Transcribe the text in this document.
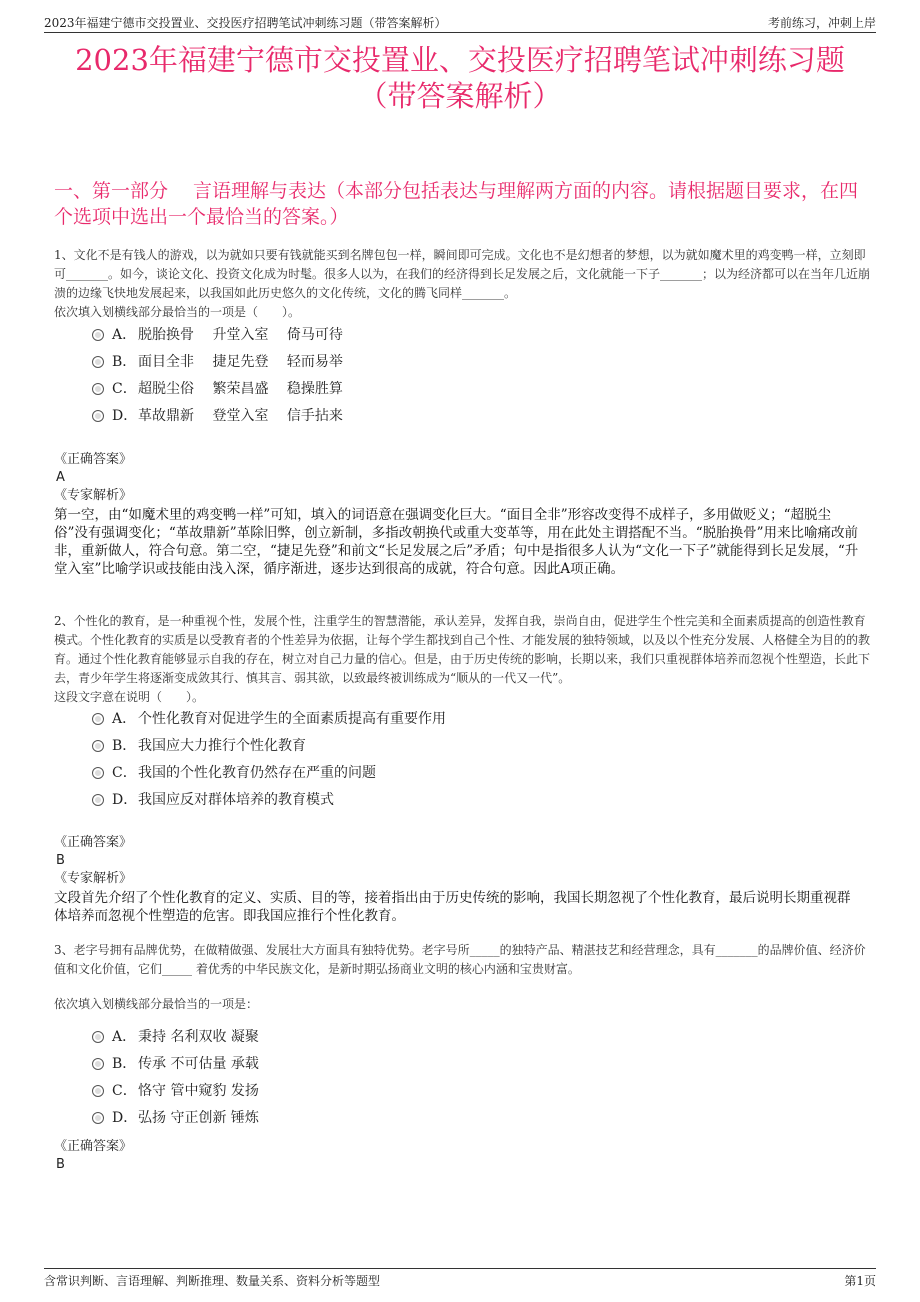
2023年福建宁德市交投置业、交投医疗招聘笔试冲刺练习题（带答案解析）	考前练习，冲刺上岸
2023年福建宁德市交投置业、交投医疗招聘笔试冲刺练习题
（带答案解析）
一、第一部分　 言语理解与表达（本部分包括表达与理解两方面的内容。请根据题目要求，在四个选项中选出一个最恰当的答案。）
1、文化不是有钱人的游戏，以为就如只要有钱就能买到名牌包包一样，瞬间即可完成。文化也不是幻想者的梦想，以为就如魔术里的鸡变鸭一样，立刻即可_______。如今，谈论文化、投资文化成为时髦。很多人以为，在我们的经济得到长足发展之后，文化就能一下子_______；以为经济都可以在当年几近崩溃的边缘飞快地发展起来，以我国如此历史悠久的文化传统，文化的腾飞同样_______。
依次填入划横线部分最恰当的一项是（　　）。
A． 脱胎换骨　 升堂入室　 倚马可待
B． 面目全非　 捷足先登　 轻而易举
C．超脱尘俗　 繁荣昌盛　 稳操胜算
D．革故鼎新　 登堂入室　 信手拈来
《正确答案》
A
《专家解析》
第一空，由“如魔术里的鸡变鸭一样”可知，填入的词语意在强调变化巨大。“面目全非”形容改变得不成样子，多用做贬义；“超脱尘俗”没有强调变化；“革故鼎新”革除旧弊，创立新制，多指改朝换代或重大变革等，用在此处主谓搭配不当。“脱胎换骨”用来比喻痛改前非，重新做人，符合句意。第二空，“捷足先登”和前文“长足发展之后”矛盾；句中是指很多人认为“文化一下子”就能得到长足发展，“升堂入室”比喻学识或技能由浅入深，循序渐进，逐步达到很高的成就，符合句意。因此A项正确。
2、个性化的教育，是一种重视个性，发展个性，注重学生的智慧潜能，承认差异，发挥自我，崇尚自由，促进学生个性完美和全面素质提高的创造性教育模式。个性化教育的实质是以受教育者的个性差异为依据，让每个学生都找到自己个性、才能发展的独特领域，以及以个性充分发展、人格健全为目的的教育。通过个性化教育能够显示自我的存在，树立对自己力量的信心。但是，由于历史传统的影响，长期以来，我们只重视群体培养而忽视个性塑造，长此下去，青少年学生将逐渐变成敛其行、慎其言、弱其欲，以致最终被训练成为“顺从的一代又一代”。
这段文字意在说明（　　）。
A． 个性化教育对促进学生的全面素质提高有重要作用
B． 我国应大力推行个性化教育
C．我国的个性化教育仍然存在严重的问题
D．我国应反对群体培养的教育模式
《正确答案》
B
《专家解析》
文段首先介绍了个性化教育的定义、实质、目的等，接着指出由于历史传统的影响，我国长期忽视了个性化教育，最后说明长期重视群体培养而忽视个性塑造的危害。即我国应推行个性化教育。
3、老字号拥有品牌优势，在做精做强、发展壮大方面具有独特优势。老字号所_____的独特产品、精湛技艺和经营理念，具有_______的品牌价值、经济价值和文化价值，它们_____ 着优秀的中华民族文化，是新时期弘扬商业文明的核心内涵和宝贵财富。
依次填入划横线部分最恰当的一项是：
A． 秉持 名利双收 凝聚
B． 传承 不可估量 承载
C．恪守 管中窥豹 发扬
D．弘扬 守正创新 锤炼
《正确答案》
B
含常识判断、言语理解、判断推理、数量关系、资料分析等题型	第1页
